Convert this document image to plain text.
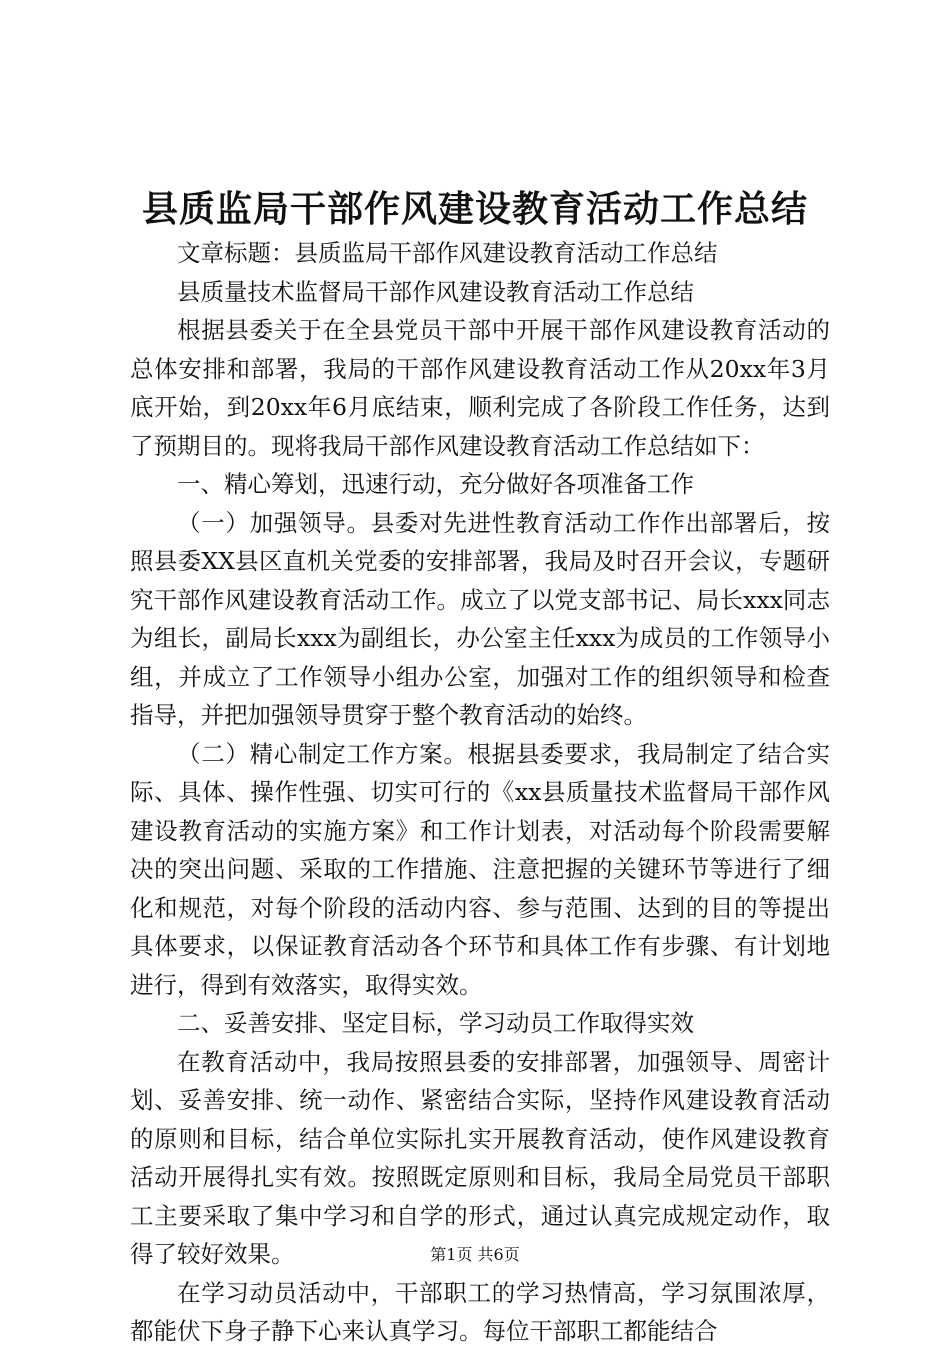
县质监局干部作风建设教育活动工作总结

文章标题：县质监局干部作风建设教育活动工作总结

县质量技术监督局干部作风建设教育活动工作总结

根据县委关于在全县党员干部中开展干部作风建设教育活动的总体安排和部署，我局的干部作风建设教育活动工作从20xx年3月底开始，到20xx年6月底结束，顺利完成了各阶段工作任务，达到了预期目的。现将我局干部作风建设教育活动工作总结如下：

一、精心筹划，迅速行动，充分做好各项准备工作

（一）加强领导。县委对先进性教育活动工作作出部署后，按照县委XX县区直机关党委的安排部署，我局及时召开会议，专题研究干部作风建设教育活动工作。成立了以党支部书记、局长xxx同志为组长，副局长xxx为副组长，办公室主任xxx为成员的工作领导小组，并成立了工作领导小组办公室，加强对工作的组织领导和检查指导，并把加强领导贯穿于整个教育活动的始终。

（二）精心制定工作方案。根据县委要求，我局制定了结合实际、具体、操作性强、切实可行的《xx县质量技术监督局干部作风建设教育活动的实施方案》和工作计划表，对活动每个阶段需要解决的突出问题、采取的工作措施、注意把握的关键环节等进行了细化和规范，对每个阶段的活动内容、参与范围、达到的目的等提出具体要求，以保证教育活动各个环节和具体工作有步骤、有计划地进行，得到有效落实，取得实效。

二、妥善安排、坚定目标，学习动员工作取得实效

在教育活动中，我局按照县委的安排部署，加强领导、周密计划、妥善安排、统一动作、紧密结合实际，坚持作风建设教育活动的原则和目标，结合单位实际扎实开展教育活动，使作风建设教育活动开展得扎实有效。按照既定原则和目标，我局全局党员干部职工主要采取了集中学习和自学的形式，通过认真完成规定动作，取得了较好效果。

在学习动员活动中，干部职工的学习热情高，学习氛围浓厚，都能伏下身子静下心来认真学习。每位干部职工都能结合

第1页 共6页
